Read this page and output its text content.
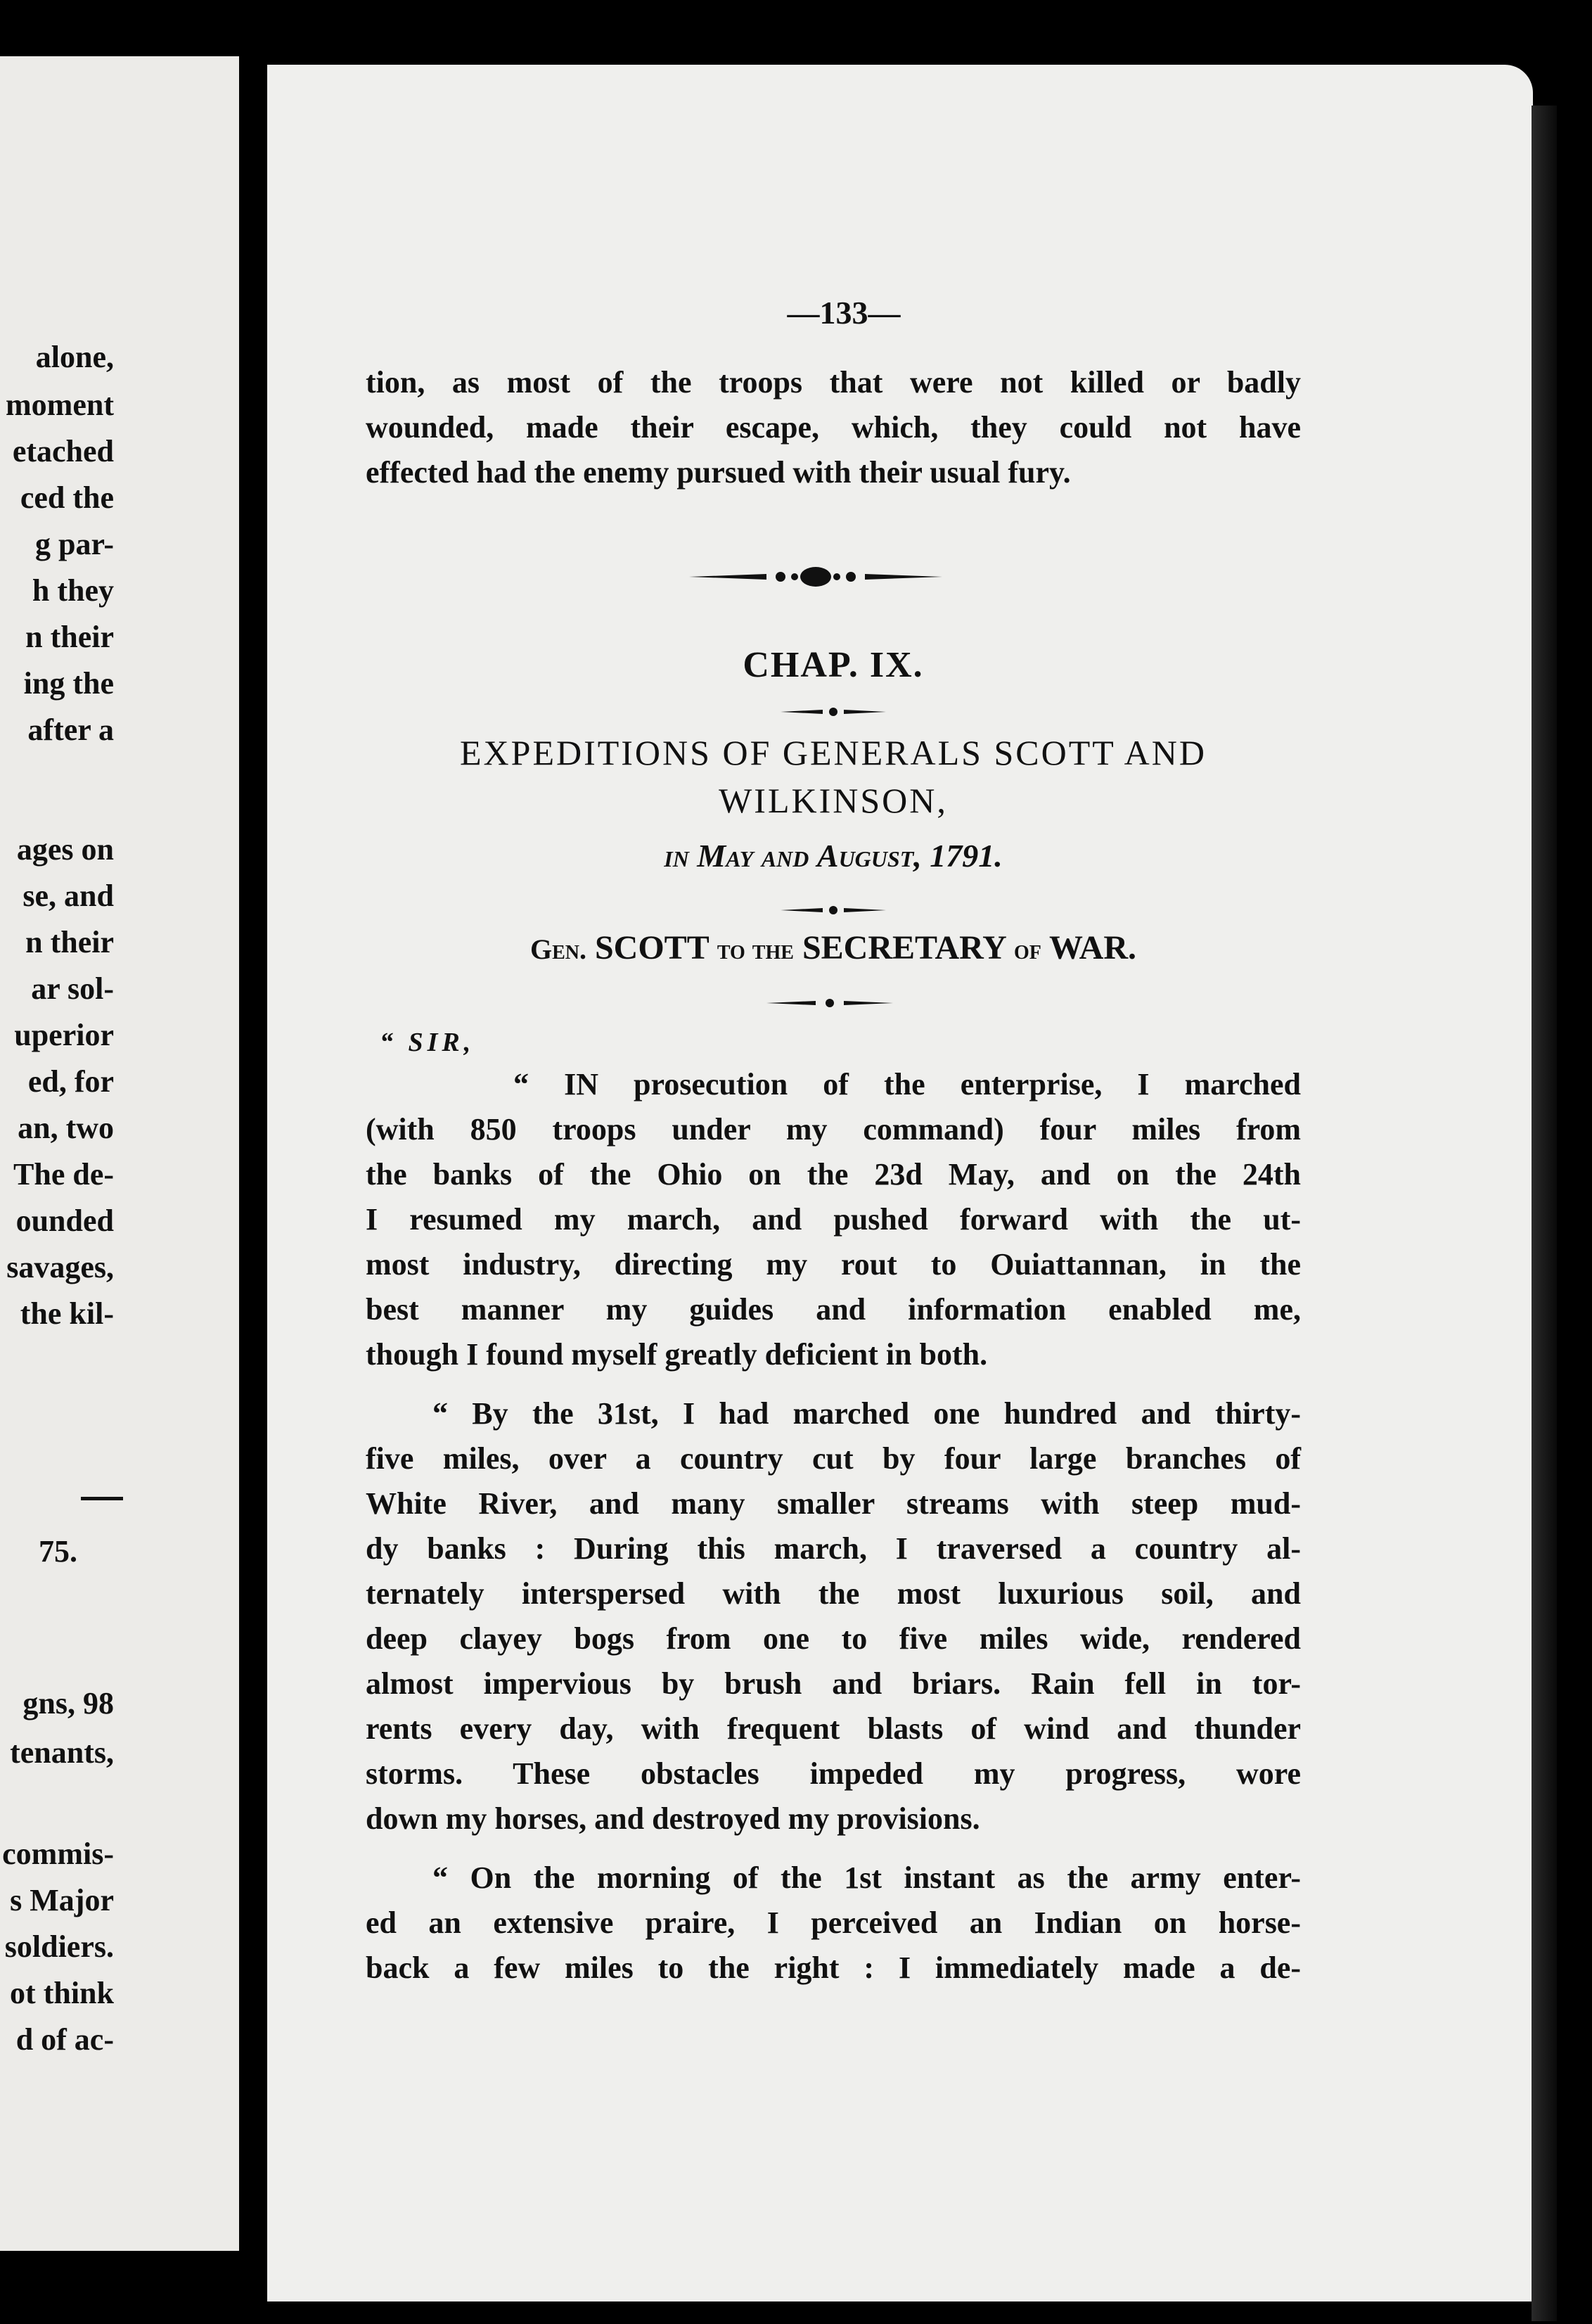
alone,
moment
etached
ced the
g par-
h they
n their
ing the
after a
ages on
se, and
n their
ar sol-
uperior
ed, for
an, two
The de-
ounded
savages,
the kil-
75.
gns, 98
tenants,
commis-
s Major
soldiers.
ot think
d of ac-
—133—
tion, as most of the troops that were not killed or badly
wounded, made their escape, which, they could not have
effected had the enemy pursued with their usual fury.
CHAP. IX.
EXPEDITIONS OF GENERALS SCOTT AND
WILKINSON,
in May and August, 1791.
Gen. SCOTT to the SECRETARY of WAR.
“ SIR,
“ IN prosecution of the enterprise, I marched
(with 850 troops under my command) four miles from
the banks of the Ohio on the 23d May, and on the 24th
I resumed my march, and pushed forward with the ut-
most industry, directing my rout to Ouiattannan, in the
best manner my guides and information enabled me,
though I found myself greatly deficient in both.
“ By the 31st, I had marched one hundred and thirty-
five miles, over a country cut by four large branches of
White River, and many smaller streams with steep mud-
dy banks : During this march, I traversed a country al-
ternately interspersed with the most luxurious soil, and
deep clayey bogs from one to five miles wide, rendered
almost impervious by brush and briars. Rain fell in tor-
rents every day, with frequent blasts of wind and thunder
storms. These obstacles impeded my progress, wore
down my horses, and destroyed my provisions.
“ On the morning of the 1st instant as the army enter-
ed an extensive praire, I perceived an Indian on horse-
back a few miles to the right : I immediately made a de-
